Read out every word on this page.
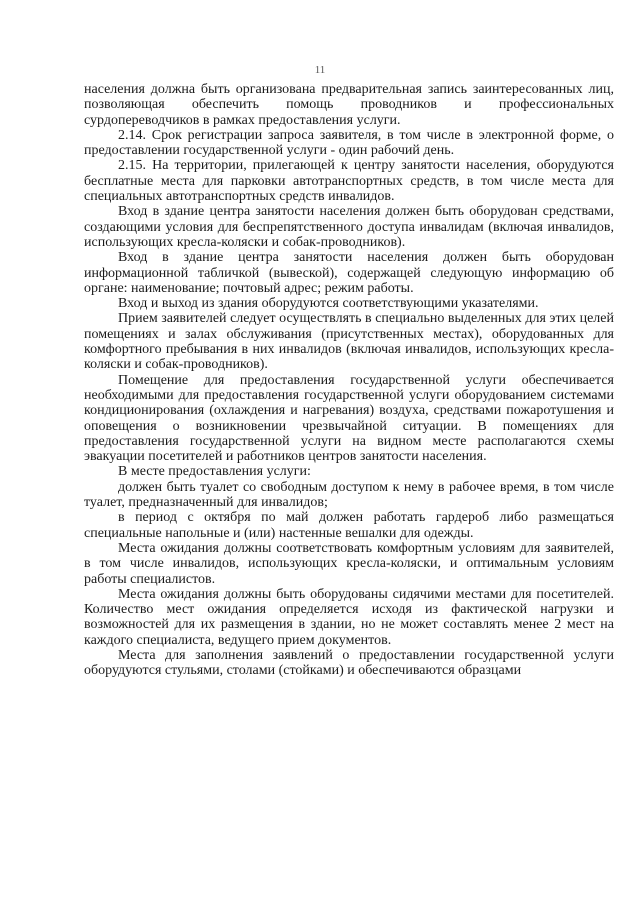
11

населения должна быть организована предварительная запись заинтересованных лиц, позволяющая обеспечить помощь проводников и профессиональных сурдопереводчиков в рамках предоставления услуги.

2.14. Срок регистрации запроса заявителя, в том числе в электронной форме, о предоставлении государственной услуги - один рабочий день.

2.15. На территории, прилегающей к центру занятости населения, оборудуются бесплатные места для парковки автотранспортных средств, в том числе места для специальных автотранспортных средств инвалидов.

Вход в здание центра занятости населения должен быть оборудован средствами, создающими условия для беспрепятственного доступа инвалидам (включая инвалидов, использующих кресла-коляски и собак-проводников).

Вход в здание центра занятости населения должен быть оборудован информационной табличкой (вывеской), содержащей следующую информацию об органе: наименование; почтовый адрес; режим работы.

Вход и выход из здания оборудуются соответствующими указателями.

Прием заявителей следует осуществлять в специально выделенных для этих целей помещениях и залах обслуживания (присутственных местах), оборудованных для комфортного пребывания в них инвалидов (включая инвалидов, использующих кресла-коляски и собак-проводников).

Помещение для предоставления государственной услуги обеспечивается необходимыми для предоставления государственной услуги оборудованием системами кондиционирования (охлаждения и нагревания) воздуха, средствами пожаротушения и оповещения о возникновении чрезвычайной ситуации. В помещениях для предоставления государственной услуги на видном месте располагаются схемы эвакуации посетителей и работников центров занятости населения.

В месте предоставления услуги:

должен быть туалет со свободным доступом к нему в рабочее время, в том числе туалет, предназначенный для инвалидов;

в период с октября по май должен работать гардероб либо размещаться специальные напольные и (или) настенные вешалки для одежды.

Места ожидания должны соответствовать комфортным условиям для заявителей, в том числе инвалидов, использующих кресла-коляски, и оптимальным условиям работы специалистов.

Места ожидания должны быть оборудованы сидячими местами для посетителей. Количество мест ожидания определяется исходя из фактической нагрузки и возможностей для их размещения в здании, но не может составлять менее 2 мест на каждого специалиста, ведущего прием документов.

Места для заполнения заявлений о предоставлении государственной услуги оборудуются стульями, столами (стойками) и обеспечиваются образцами
